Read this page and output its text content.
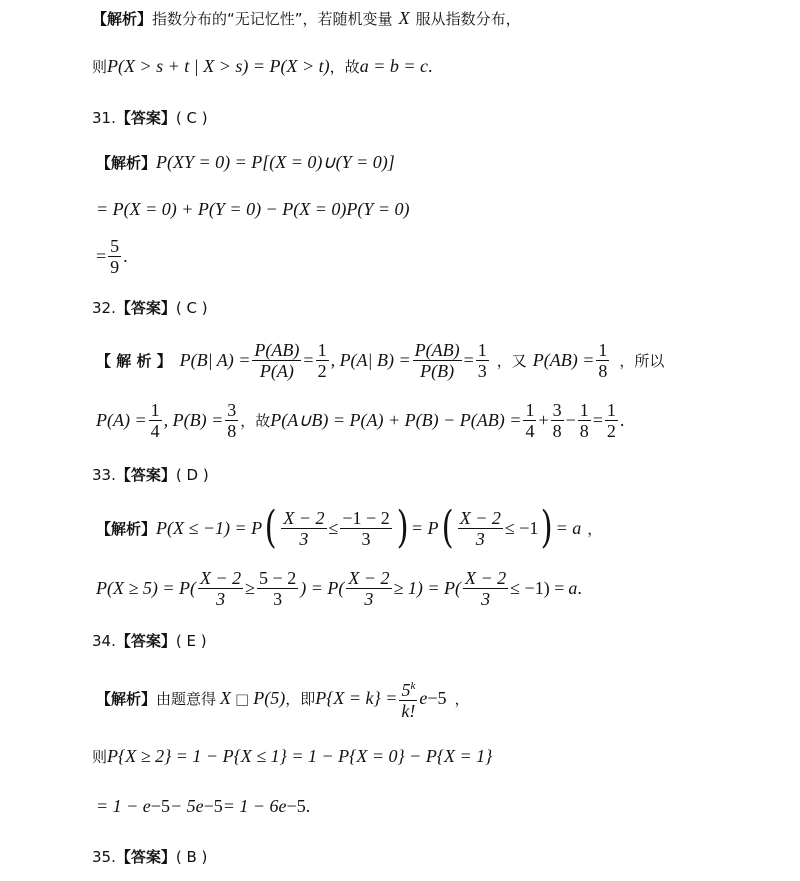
【解析】 指数分布的“无记忆性”，若随机变量 X 服从指数分布，
则 P(X > s + t | X > s) = P(X > t) ，故 a = b = c .
31. 【答案】 ( C )
【解析】 P(XY = 0) = P[(X = 0)∪(Y = 0)]
= P(X = 0) + P(Y = 0) − P(X = 0)P(Y = 0)
= $\frac{5}{9}$ .
32. 【答案】 ( C )
【 解 析 】 P(B| $A) = \frac{P(AB)}{P(A)} = \frac{1}{2}$ , P(A| $B) = \frac{P(AB)}{P(B)} = \frac{1}{3}$ ，又 $P(AB) = \frac{1}{8}$ ，所以
$P(A) = \frac{1}{4}$ , $P(B) = \frac{3}{8}$ ，故 P(A∪B) = $P(A) + P(B) - P(AB) = \frac{1}{4} + \frac{3}{8} - \frac{1}{8} = \frac{1}{2}$ .
33. 【答案】 ( D )
【解析】 P(X ≤ −1) = P ( $\frac{X - 2}{3} \le \frac{-1 - 2}{3}$ ) = P ( $\frac{X - 2}{3} \le -1$ ) = a ，
$P(X \ge 5) = P( \frac{X - 2}{3} \ge \frac{5 - 2}{3}$ ) = $P( \frac{X - 2}{3} \ge 1) = P( \frac{X - 2}{3} \le -1) = a$ .
34. 【答案】 ( E )
【解析】 由题意得 X □ P(5) ，即 $P\{X = k\} = \frac{5^k}{k!}$ e −5 ，
则 P{X ≥ 2} = 1 − P{X ≤ 1} = 1 − P{X = 0} − P{X = 1}
= 1 − e −5 − 5e −5 = 1 − 6e −5 .
35. 【答案】 ( B )
